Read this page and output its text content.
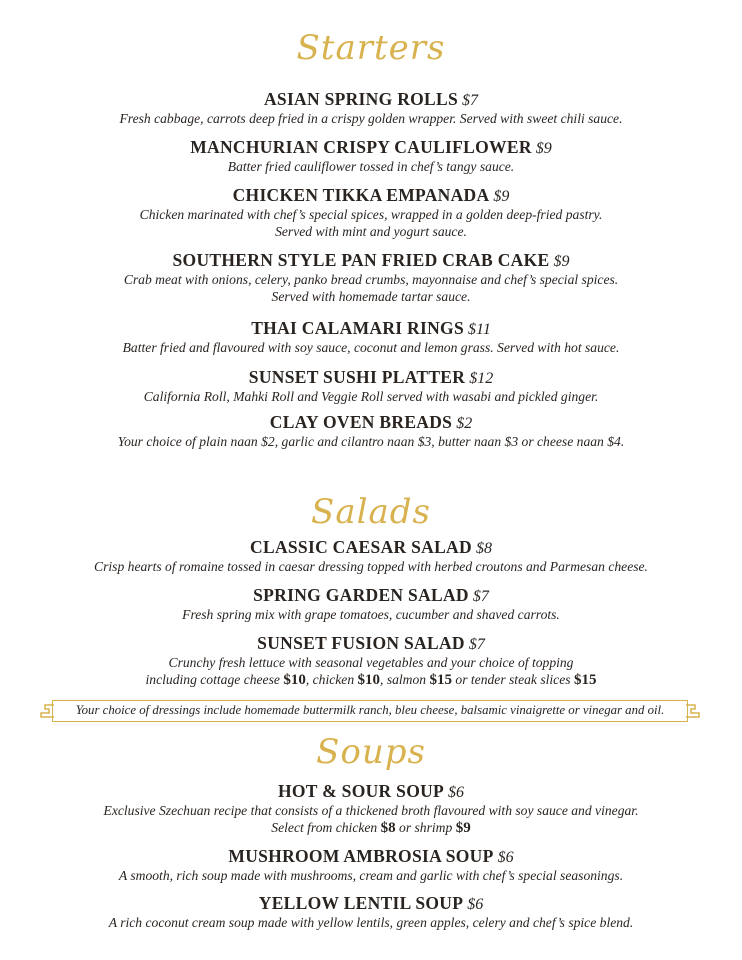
Starters
ASIAN SPRING ROLLS $7
Fresh cabbage, carrots deep fried in a crispy golden wrapper. Served with sweet chili sauce.
MANCHURIAN CRISPY CAULIFLOWER $9
Batter fried cauliflower tossed in chef’s tangy sauce.
CHICKEN TIKKA EMPANADA $9
Chicken marinated with chef’s special spices, wrapped in a golden deep-fried pastry.
Served with mint and yogurt sauce.
SOUTHERN STYLE PAN FRIED CRAB CAKE $9
Crab meat with onions, celery, panko bread crumbs, mayonnaise and chef’s special spices.
Served with homemade tartar sauce.
THAI CALAMARI RINGS $11
Batter fried and flavoured with soy sauce, coconut and lemon grass. Served with hot sauce.
SUNSET SUSHI PLATTER $12
California Roll, Mahki Roll and Veggie Roll served with wasabi and pickled ginger.
CLAY OVEN BREADS $2
Your choice of plain naan $2, garlic and cilantro naan $3, butter naan $3 or cheese naan $4.
Salads
CLASSIC CAESAR SALAD $8
Crisp hearts of romaine tossed in caesar dressing topped with herbed croutons and Parmesan cheese.
SPRING GARDEN SALAD $7
Fresh spring mix with grape tomatoes, cucumber and shaved carrots.
SUNSET FUSION SALAD $7
Crunchy fresh lettuce with seasonal vegetables and your choice of topping
including cottage cheese $10, chicken $10, salmon $15 or tender steak slices $15
Your choice of dressings include homemade buttermilk ranch, bleu cheese, balsamic vinaigrette or vinegar and oil.
Soups
HOT & SOUR SOUP $6
Exclusive Szechuan recipe that consists of a thickened broth flavoured with soy sauce and vinegar.
Select from chicken $8 or shrimp $9
MUSHROOM AMBROSIA SOUP $6
A smooth, rich soup made with mushrooms, cream and garlic with chef’s special seasonings.
YELLOW LENTIL SOUP $6
A rich coconut cream soup made with yellow lentils, green apples, celery and chef’s spice blend.
